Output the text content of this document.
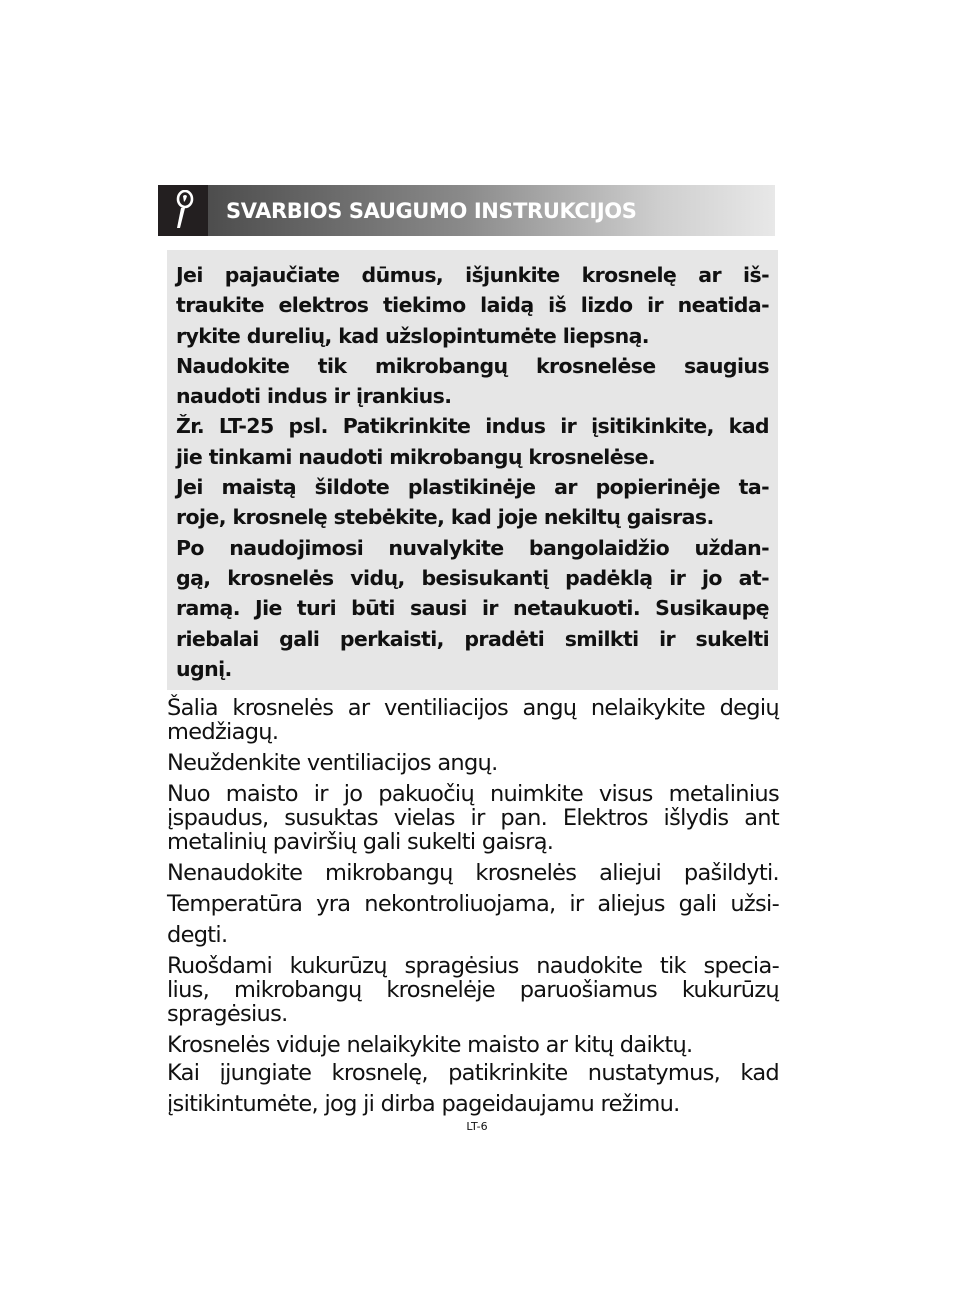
SVARBIOS SAUGUMO INSTRUKCIJOS
Jei pajaučiate dūmus, išjunkite krosnelę ar iš-
traukite elektros tiekimo laidą iš lizdo ir neatida-
rykite durelių, kad užslopintumėte liepsną.
Naudokite tik mikrobangų krosnelėse saugius
naudoti indus ir įrankius.
Žr. LT-25 psl. Patikrinkite indus ir įsitikinkite, kad
jie tinkami naudoti mikrobangų krosnelėse.
Jei maistą šildote plastikinėje ar popierinėje ta-
roje, krosnelę stebėkite, kad joje nekiltų gaisras.
Po naudojimosi nuvalykite bangolaidžio uždan-
gą, krosnelės vidų, besisukantį padėklą ir jo at-
ramą. Jie turi būti sausi ir netaukuoti. Susikaupę
riebalai gali perkaisti, pradėti smilkti ir sukelti
ugnį.
Šalia krosnelės ar ventiliacijos angų nelaikykite degių
medžiagų.
Neuždenkite ventiliacijos angų.
Nuo maisto ir jo pakuočių nuimkite visus metalinius
įspaudus, susuktas vielas ir pan. Elektros išlydis ant
metalinių paviršių gali sukelti gaisrą.
Nenaudokite mikrobangų krosnelės aliejui pašildyti.
Temperatūra yra nekontroliuojama, ir aliejus gali užsi-
degti.
Ruošdami kukurūzų spragėsius naudokite tik specia-
lius, mikrobangų krosnelėje paruošiamus kukurūzų
spragėsius.
Krosnelės viduje nelaikykite maisto ar kitų daiktų.
Kai įjungiate krosnelę, patikrinkite nustatymus, kad
įsitikintumėte, jog ji dirba pageidaujamu režimu.
LT-6
